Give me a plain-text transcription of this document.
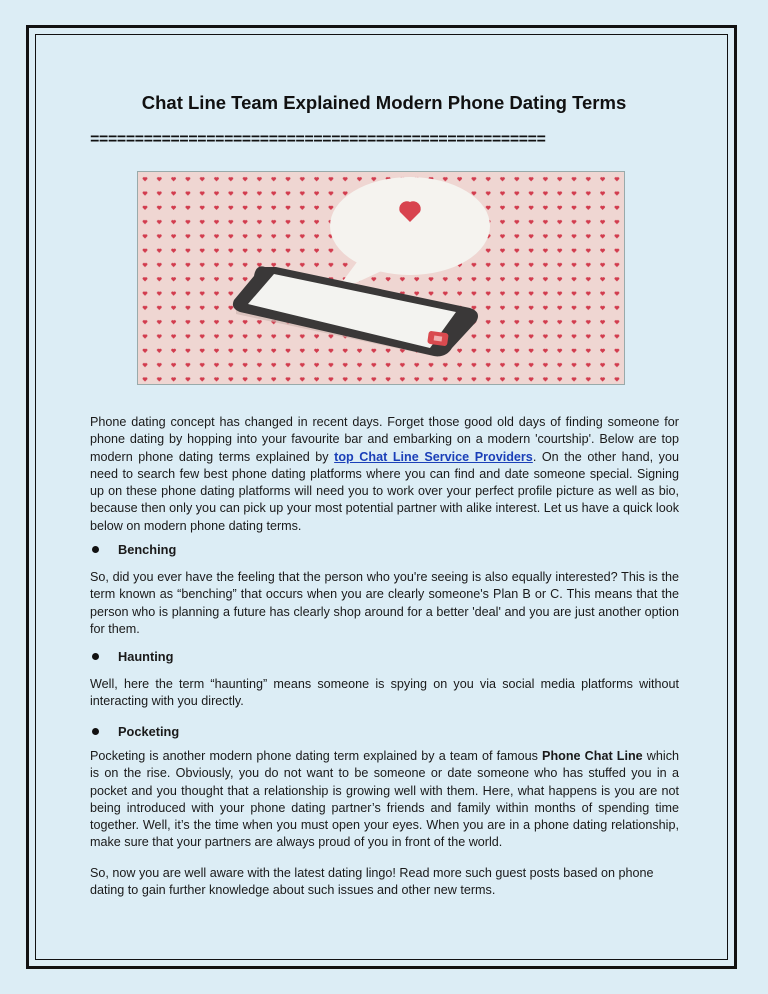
Chat Line Team Explained Modern Phone Dating Terms
===================================================
Phone dating concept has changed in recent days. Forget those good old days of finding someone for phone dating by hopping into your favourite bar and embarking on a modern 'courtship'. Below are top modern phone dating terms explained by top Chat Line Service Providers. On the other hand, you need to search few best phone dating platforms where you can find and date someone special. Signing up on these phone dating platforms will need you to work over your perfect profile picture as well as bio, because then only you can pick up your most potential partner with alike interest. Let us have a quick look below on modern phone dating terms.
Benching
So, did you ever have the feeling that the person who you're seeing is also equally interested? This is the term known as “benching” that occurs when you are clearly someone's Plan B or C. This means that the person who is planning a future has clearly shop around for a better 'deal' and you are just another option for them.
Haunting
Well, here the term “haunting” means someone is spying on you via social media platforms without interacting with you directly.
Pocketing
Pocketing is another modern phone dating term explained by a team of famous Phone Chat Line which is on the rise. Obviously, you do not want to be someone or date someone who has stuffed you in a pocket and you thought that a relationship is growing well with them. Here, what happens is you are not being introduced with your phone dating partner’s friends and family within months of spending time together. Well, it’s the time when you must open your eyes. When you are in a phone dating relationship, make sure that your partners are always proud of you in front of the world.
So, now you are well aware with the latest dating lingo! Read more such guest posts based on phone dating to gain further knowledge about such issues and other new terms.
